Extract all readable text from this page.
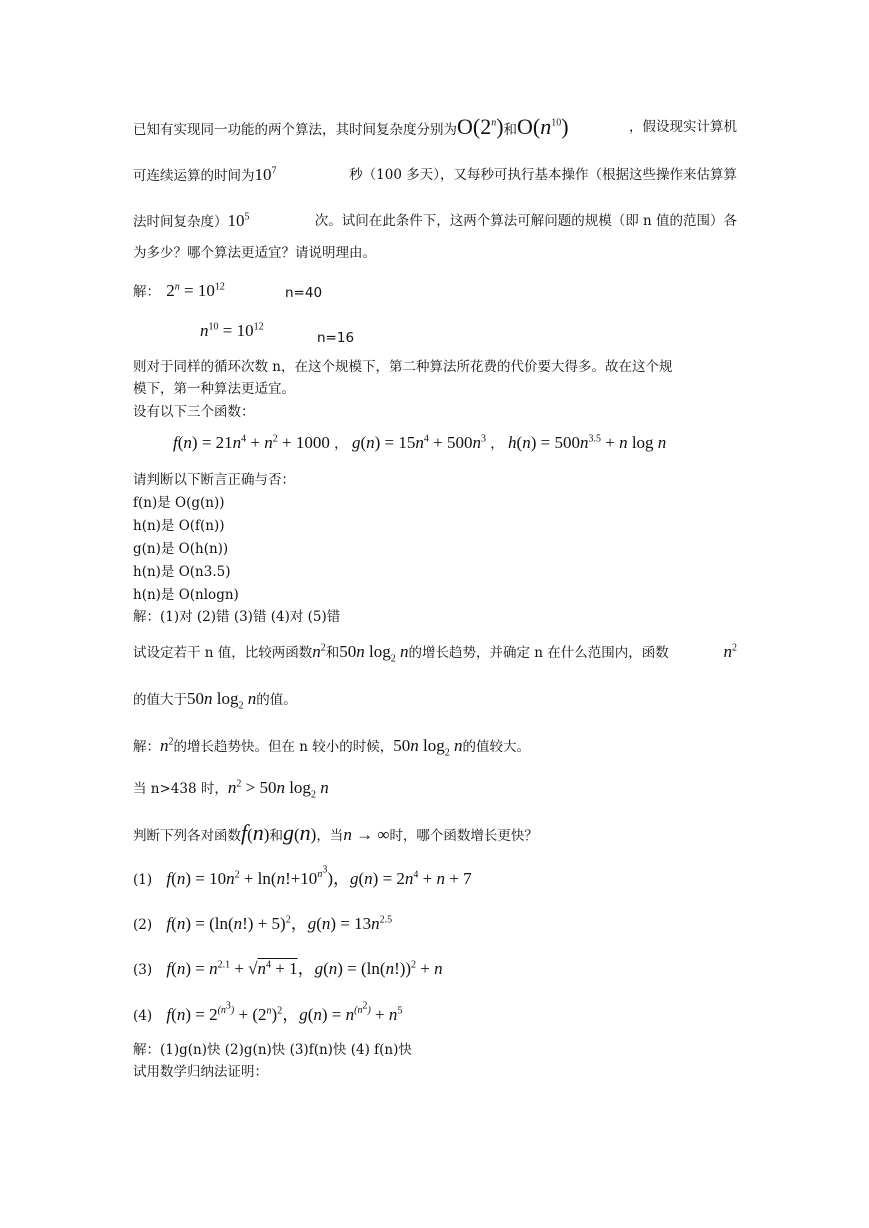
已知有实现同一功能的两个算法，其时间复杂度分别为O(2$^n$)和$O(n^{10})$	，假设现实计算机
可连续运算的时间为$10^7$	秒（100 多天），又每秒可执行基本操作（根据这些操作来估算算
法时间复杂度）$10^5$	次。试问在此条件下，这两个算法可解问题的规模（即 n 值的范围）各
为多少？哪个算法更适宜？请说明理由。
解： $2^n = 10^{12}$	n=40
$n^{10} = 10^{12}$
n=16
则对于同样的循环次数 n，在这个规模下，第二种算法所花费的代价要大得多。故在这个规
模下，第一种算法更适宜。
设有以下三个函数：
$f(n) = 21n^4 + n^2 + 1000$ ， $g(n) = 15n^4 + 500n^3$ ， $h(n) = 500n^{3.5} + n$ log n
请判断以下断言正确与否：
f(n)是 O(g(n))
h(n)是 O(f(n))
g(n)是 O(h(n))
h(n)是 O(n3.5)
h(n)是 O(nlogn)
解：(1)对 (2)错 (3)错 (4)对 (5)错
试设定若干 n 值，比较两函数$n^2$和50n $\log_2 n$的增长趋势，并确定 n 在什么范围内，函数	$n^2$
的值大于50n $\log_2 n$的值。
解：$n^2$的增长趋势快。但在 n 较小的时候，50n $\log_2 n$的值较大。
当 n>438 时，$n^2 > 50n$ $\log_2 n$
判断下列各对函数f(n)和g(n)，当n → ∞时，哪个函数增长更快？
(1) $f(n) = 10n^2 + \ln(n!+10^{n^3})$，$g(n) = 2n^4 + n + 7$
(2) $f(n) = (\ln(n!) + 5)^2$，$g(n) = 13n^{2.5}$
(3) $f(n) = n^{2.1} + √n^4 + 1$，$g(n) = (\ln(n!))^2 + n$
(4) $f(n) = 2^{(n^3)} + (2^n)^2$，$g(n) = n^{(n^2)} + n^5$
解：(1)g(n)快 (2)g(n)快 (3)f(n)快 (4) f(n)快
试用数学归纳法证明：
